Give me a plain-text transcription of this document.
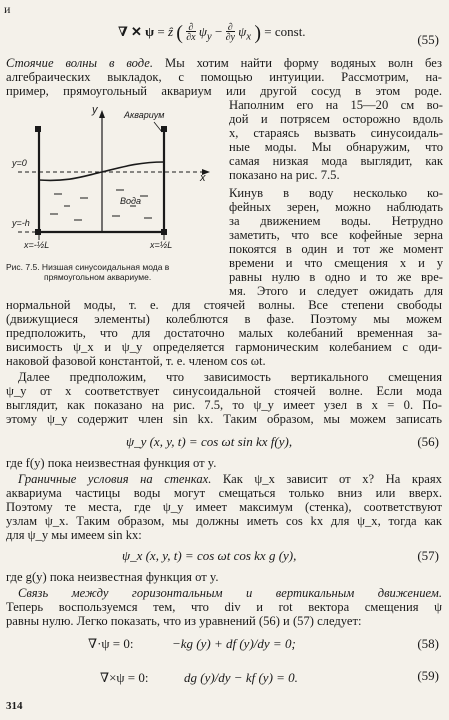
и
∇ ✕ ψ = ẑ ( ∂
∂x $\psi_y$ − ∂
∂y $\psi_x$ ) = const.
(55)
Стоячие волны в воде. Мы хотим найти форму водяных волн без
алгебраических выкладок, с помощью интуиции. Рассмотрим, на-
пример, прямоугольный аквариум или другой сосуд в этом роде.
Наполним его на 15—20 см во-
дой и потрясем осторожно вдоль
x, стараясь вызвать синусоидаль-
ные моды. Мы обнаружим, что
самая низкая мода выглядит, как
показано на рис. 7.5.
Кинув в воду несколько ко-
фейных зерен, можно наблюдать
за движением воды. Нетрудно
заметить, что все кофейные зерна
покоятся в один и тот же момент
времени и что смещения x и y
равны нулю в одно и то же вре-
мя. Этого и следует ожидать для
y
x
Аквариум
Вода
y=0
y=-h
x=-½L	x=½L
Рис. 7.5. Низшая синусоидальная мода в
прямоугольном аквариуме.
нормальной моды, т. е. для стоячей волны. Все степени свободы
(движущиеся элементы) колеблются в фазе. Поэтому мы можем
предположить, что для достаточно малых колебаний временная за-
висимость ψ_x и ψ_y определяется гармоническим колебанием с оди-
наковой фазовой константой, т. е. членом cos ωt.
Далее предположим, что зависимость вертикального смещения
ψ_y от x соответствует синусоидальной стоячей волне. Если мода
выглядит, как показано на рис. 7.5, то ψ_y имеет узел в x = 0. По-
этому ψ_y содержит член sin kx. Таким образом, мы можем записать
ψ_y (x, y, t) = cos ωt sin kx f(y),	(56)
где f(y) пока неизвестная функция от y.
Граничные условия на стенках. Как ψ_x зависит от x? На краях
аквариума частицы воды могут смещаться только вниз или вверх.
Поэтому те места, где ψ_y имеет максимум (стенка), соответствуют
узлам ψ_x. Таким образом, мы должны иметь cos kx для ψ_x, тогда как
для ψ_y мы имеем sin kx:
ψ_x (x, y, t) = cos ωt cos kx g (y),	(57)
где g(y) пока неизвестная функция от y.
Связь между горизонтальным и вертикальным движением.
Теперь воспользуемся тем, что div и rot вектора смещения ψ
равны нулю. Легко показать, что из уравнений (56) и (57) следует:
∇·ψ = 0:	−kg (y) + df (y)/dy = 0;	(58)
∇×ψ = 0:	dg (y)/dy − kf (y) = 0.	(59)
314
